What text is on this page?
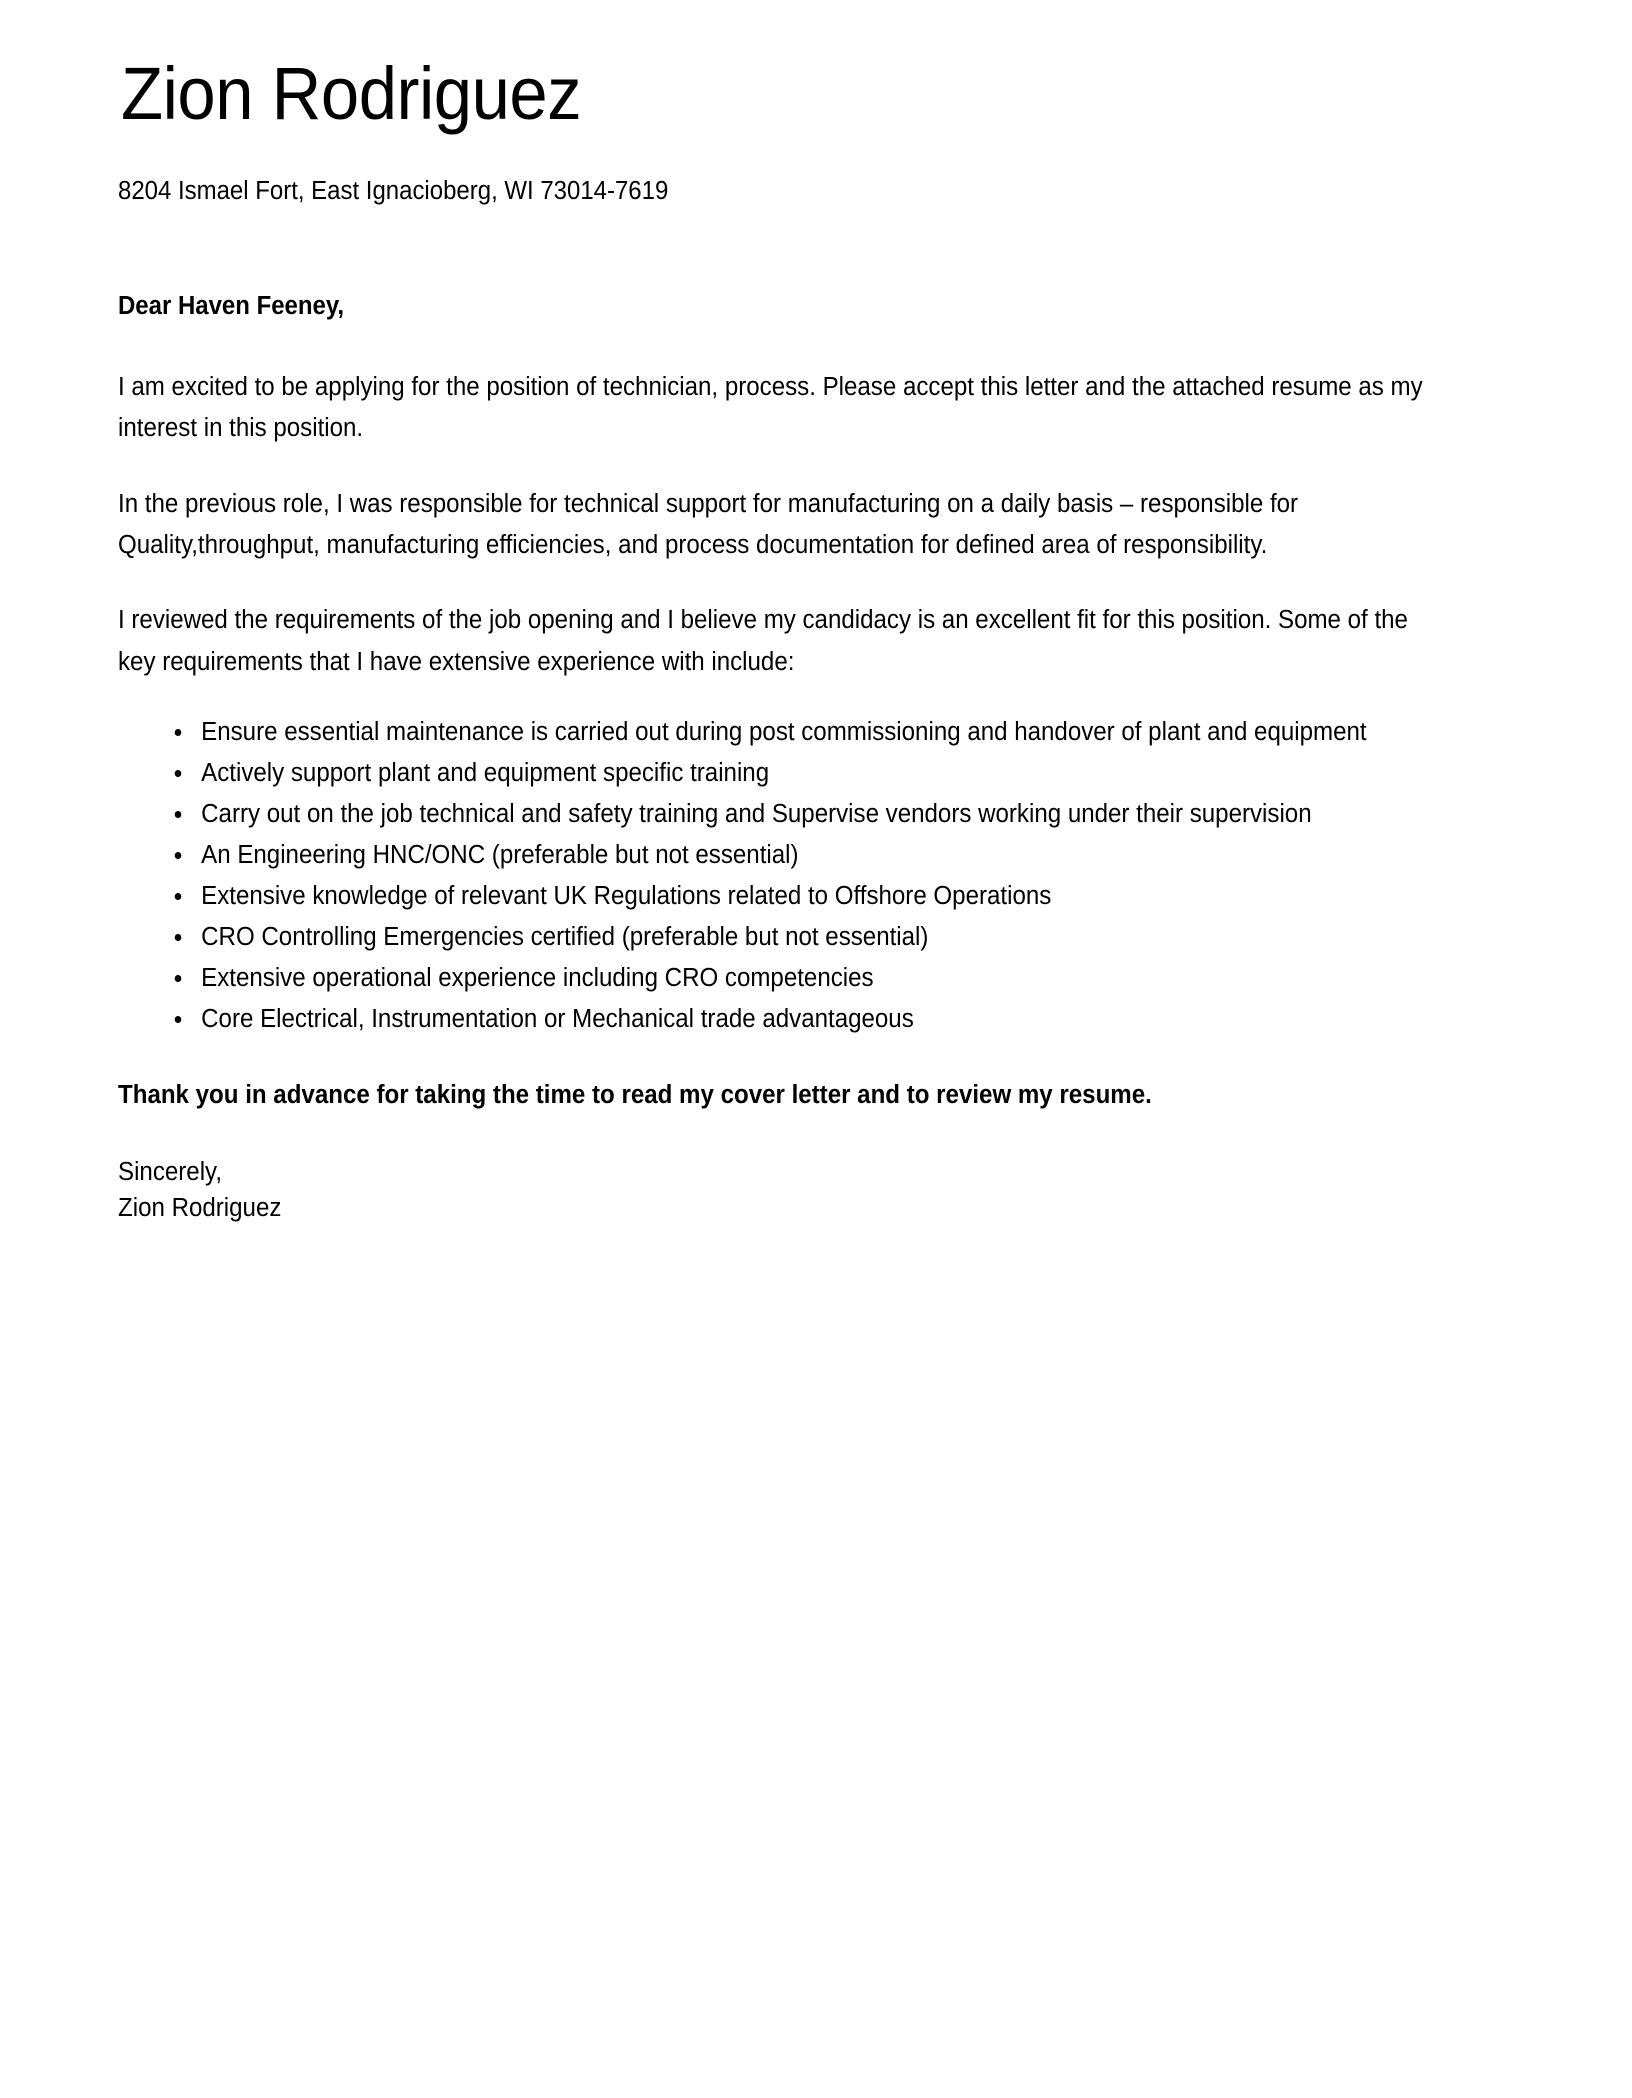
Zion Rodriguez
8204 Ismael Fort, East Ignacioberg, WI 73014-7619

Dear Haven Feeney,

I am excited to be applying for the position of technician, process. Please accept this letter and the attached resume as my interest in this position.

In the previous role, I was responsible for technical support for manufacturing on a daily basis – responsible for Quality,throughput, manufacturing efficiencies, and process documentation for defined area of responsibility.

I reviewed the requirements of the job opening and I believe my candidacy is an excellent fit for this position. Some of the key requirements that I have extensive experience with include:

Ensure essential maintenance is carried out during post commissioning and handover of plant and equipment
Actively support plant and equipment specific training
Carry out on the job technical and safety training and Supervise vendors working under their supervision
An Engineering HNC/ONC (preferable but not essential)
Extensive knowledge of relevant UK Regulations related to Offshore Operations
CRO Controlling Emergencies certified (preferable but not essential)
Extensive operational experience including CRO competencies
Core Electrical, Instrumentation or Mechanical trade advantageous

Thank you in advance for taking the time to read my cover letter and to review my resume.

Sincerely,
Zion Rodriguez
